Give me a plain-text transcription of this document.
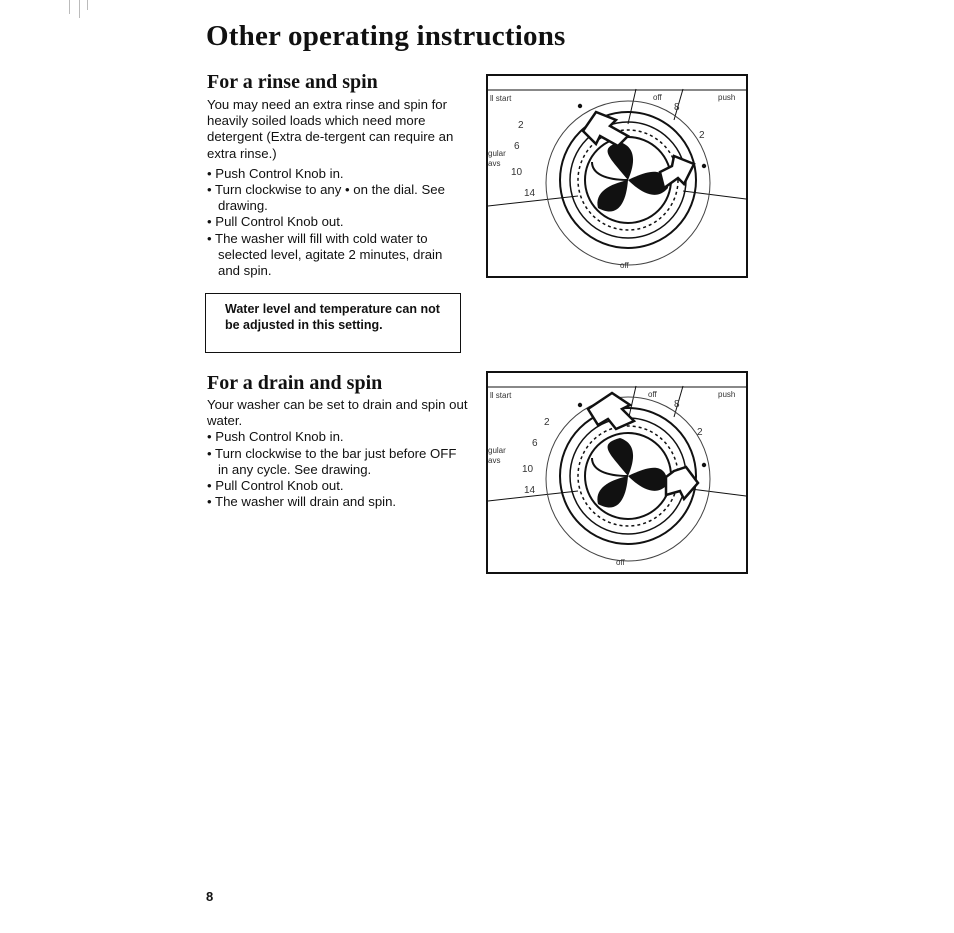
Other operating instructions
For a rinse and spin

You may need an extra rinse and spin for heavily soiled loads which need more detergent (Extra de-tergent can require an extra rinse.)

• Push Control Knob in.
• Turn clockwise to any • on the dial. See drawing.
• Pull Control Knob out.
• The washer will fill with cold water to selected level, agitate 2 minutes, drain and spin.
Water level and temperature can not be adjusted in this setting.
For a drain and spin

Your washer can be set to drain and spin out water.

• Push Control Knob in.
• Turn clockwise to the bar just before OFF in any cycle. See drawing.
• Pull Control Knob out.
• The washer will drain and spin.
ll start	off	push
gular
avs
off
8
2
2
6
10
14
ll start	off	push
gular
avs
off
8
2
2
6
10
14
8
